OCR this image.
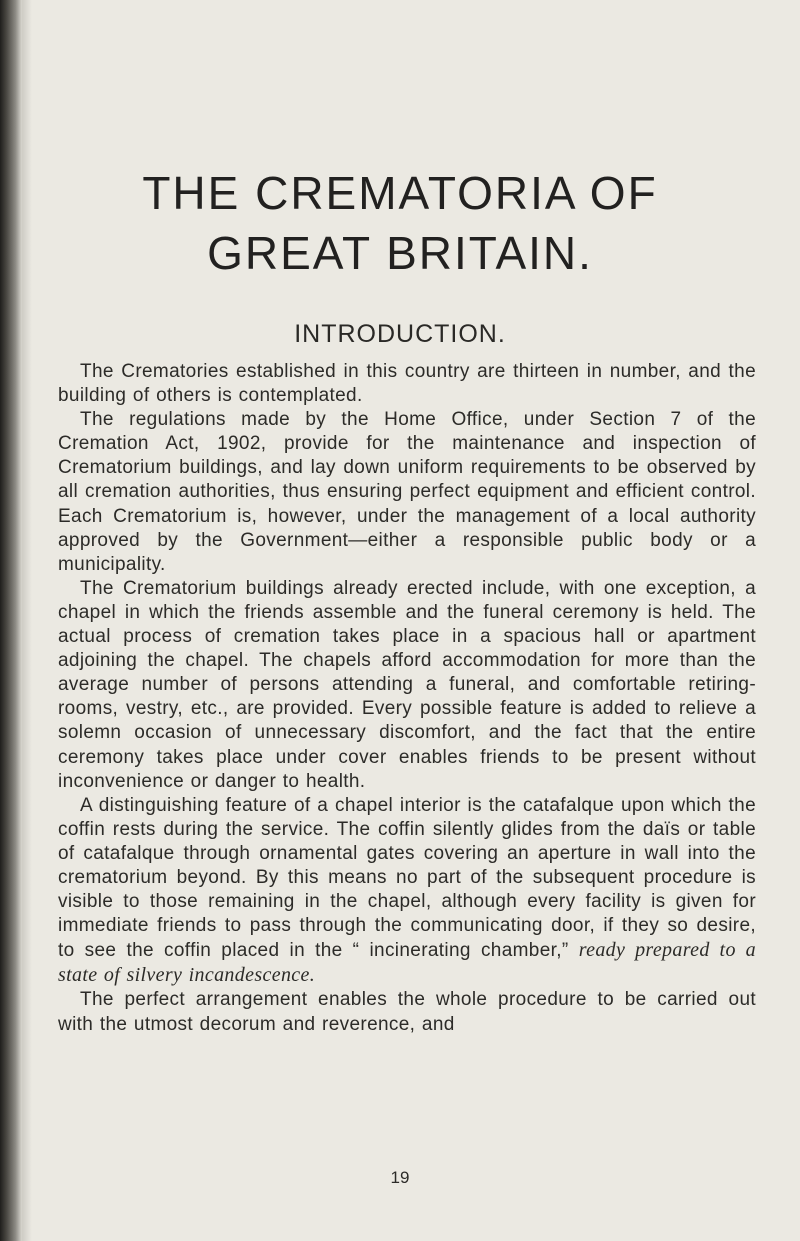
THE CREMATORIA OF
GREAT BRITAIN.
INTRODUCTION.

The Crematories established in this country are thirteen in number, and the building of others is contemplated.

The regulations made by the Home Office, under Section 7 of the Cremation Act, 1902, provide for the maintenance and inspection of Crematorium buildings, and lay down uniform requirements to be observed by all cremation authorities, thus ensuring perfect equipment and efficient control. Each Crematorium is, however, under the management of a local authority approved by the Government—either a responsible public body or a municipality.

The Crematorium buildings already erected include, with one exception, a chapel in which the friends assemble and the funeral ceremony is held. The actual process of cremation takes place in a spacious hall or apartment adjoining the chapel. The chapels afford accommodation for more than the average number of persons attending a funeral, and comfortable retiring-rooms, vestry, etc., are provided. Every possible feature is added to relieve a solemn occasion of unnecessary discomfort, and the fact that the entire ceremony takes place under cover enables friends to be present without inconvenience or danger to health.

A distinguishing feature of a chapel interior is the catafalque upon which the coffin rests during the service. The coffin silently glides from the daïs or table of catafalque through ornamental gates covering an aperture in wall into the crematorium beyond. By this means no part of the subsequent procedure is visible to those remaining in the chapel, although every facility is given for immediate friends to pass through the communicating door, if they so desire, to see the coffin placed in the “ incinerating chamber,” ready prepared to a state of silvery incandescence.

The perfect arrangement enables the whole procedure to be carried out with the utmost decorum and reverence, and

19
